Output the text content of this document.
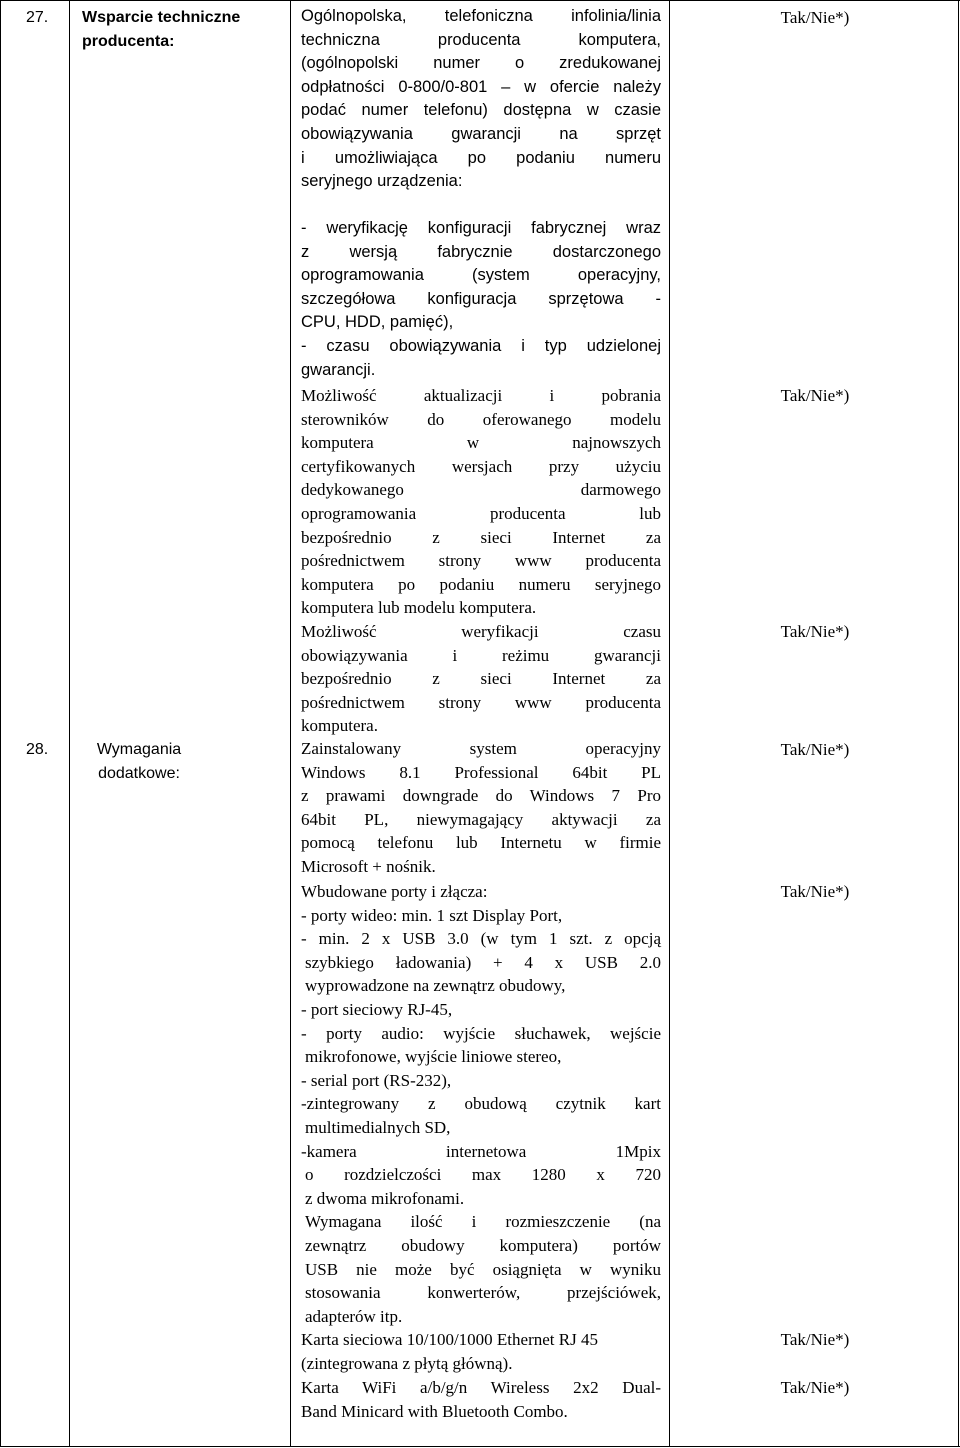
27. Wsparcie techniczne
producenta:
28.	Wymagania
dodatkowe:

Ogólnopolska, telefoniczna infolinia/linia

techniczna producenta komputera,

(ogólnopolski numer o zredukowanej

odpłatności 0-800/0-801 – w ofercie należy

podać numer telefonu) dostępna w czasie

obowiązywania gwarancji na sprzęt

i umożliwiająca po podaniu numeru

seryjnego urządzenia:

Tak/Nie*)

- weryfikację konfiguracji fabrycznej wraz

z wersją fabrycznie dostarczonego

oprogramowania (system operacyjny,

szczegółowa konfiguracja sprzętowa -

CPU, HDD, pamięć),

- czasu obowiązywania i typ udzielonej

gwarancji.

Możliwość aktualizacji i pobrania

sterowników do oferowanego modelu

komputera w najnowszych

certyfikowanych wersjach przy użyciu

dedykowanego darmowego

oprogramowania producenta lub

bezpośrednio z sieci Internet za

pośrednictwem strony www producenta

komputera po podaniu numeru seryjnego

komputera lub modelu komputera.

Tak/Nie*)

Możliwość weryfikacji czasu

obowiązywania i reżimu gwarancji

bezpośrednio z sieci Internet za

pośrednictwem strony www producenta

komputera.

Tak/Nie*)

Zainstalowany system operacyjny

Windows 8.1 Professional 64bit PL

z prawami downgrade do Windows 7 Pro

64bit PL, niewymagający aktywacji za

pomocą telefonu lub Internetu w firmie

Microsoft + nośnik.

Tak/Nie*)

Wbudowane porty i złącza:

- porty wideo: min. 1 szt Display Port,

- min. 2 x USB 3.0 (w tym 1 szt. z opcją

szybkiego ładowania) + 4 x USB 2.0

wyprowadzone na zewnątrz obudowy,

- port sieciowy RJ-45,

- porty audio: wyjście słuchawek, wejście

mikrofonowe, wyjście liniowe stereo,

- serial port (RS-232),

-zintegrowany z obudową czytnik kart

multimedialnych SD,

-kamera internetowa 1Mpix

o rozdzielczości max 1280 x 720

z dwoma mikrofonami.

Wymagana ilość i rozmieszczenie (na

zewnątrz obudowy komputera) portów

USB nie może być osiągnięta w wyniku

stosowania konwerterów, przejściówek,

adapterów itp.

Tak/Nie*)

Karta sieciowa 10/100/1000 Ethernet RJ 45

(zintegrowana z płytą główną).

Tak/Nie*)

Karta WiFi a/b/g/n Wireless 2x2 Dual-

Band Minicard with Bluetooth Combo.

Tak/Nie*)
